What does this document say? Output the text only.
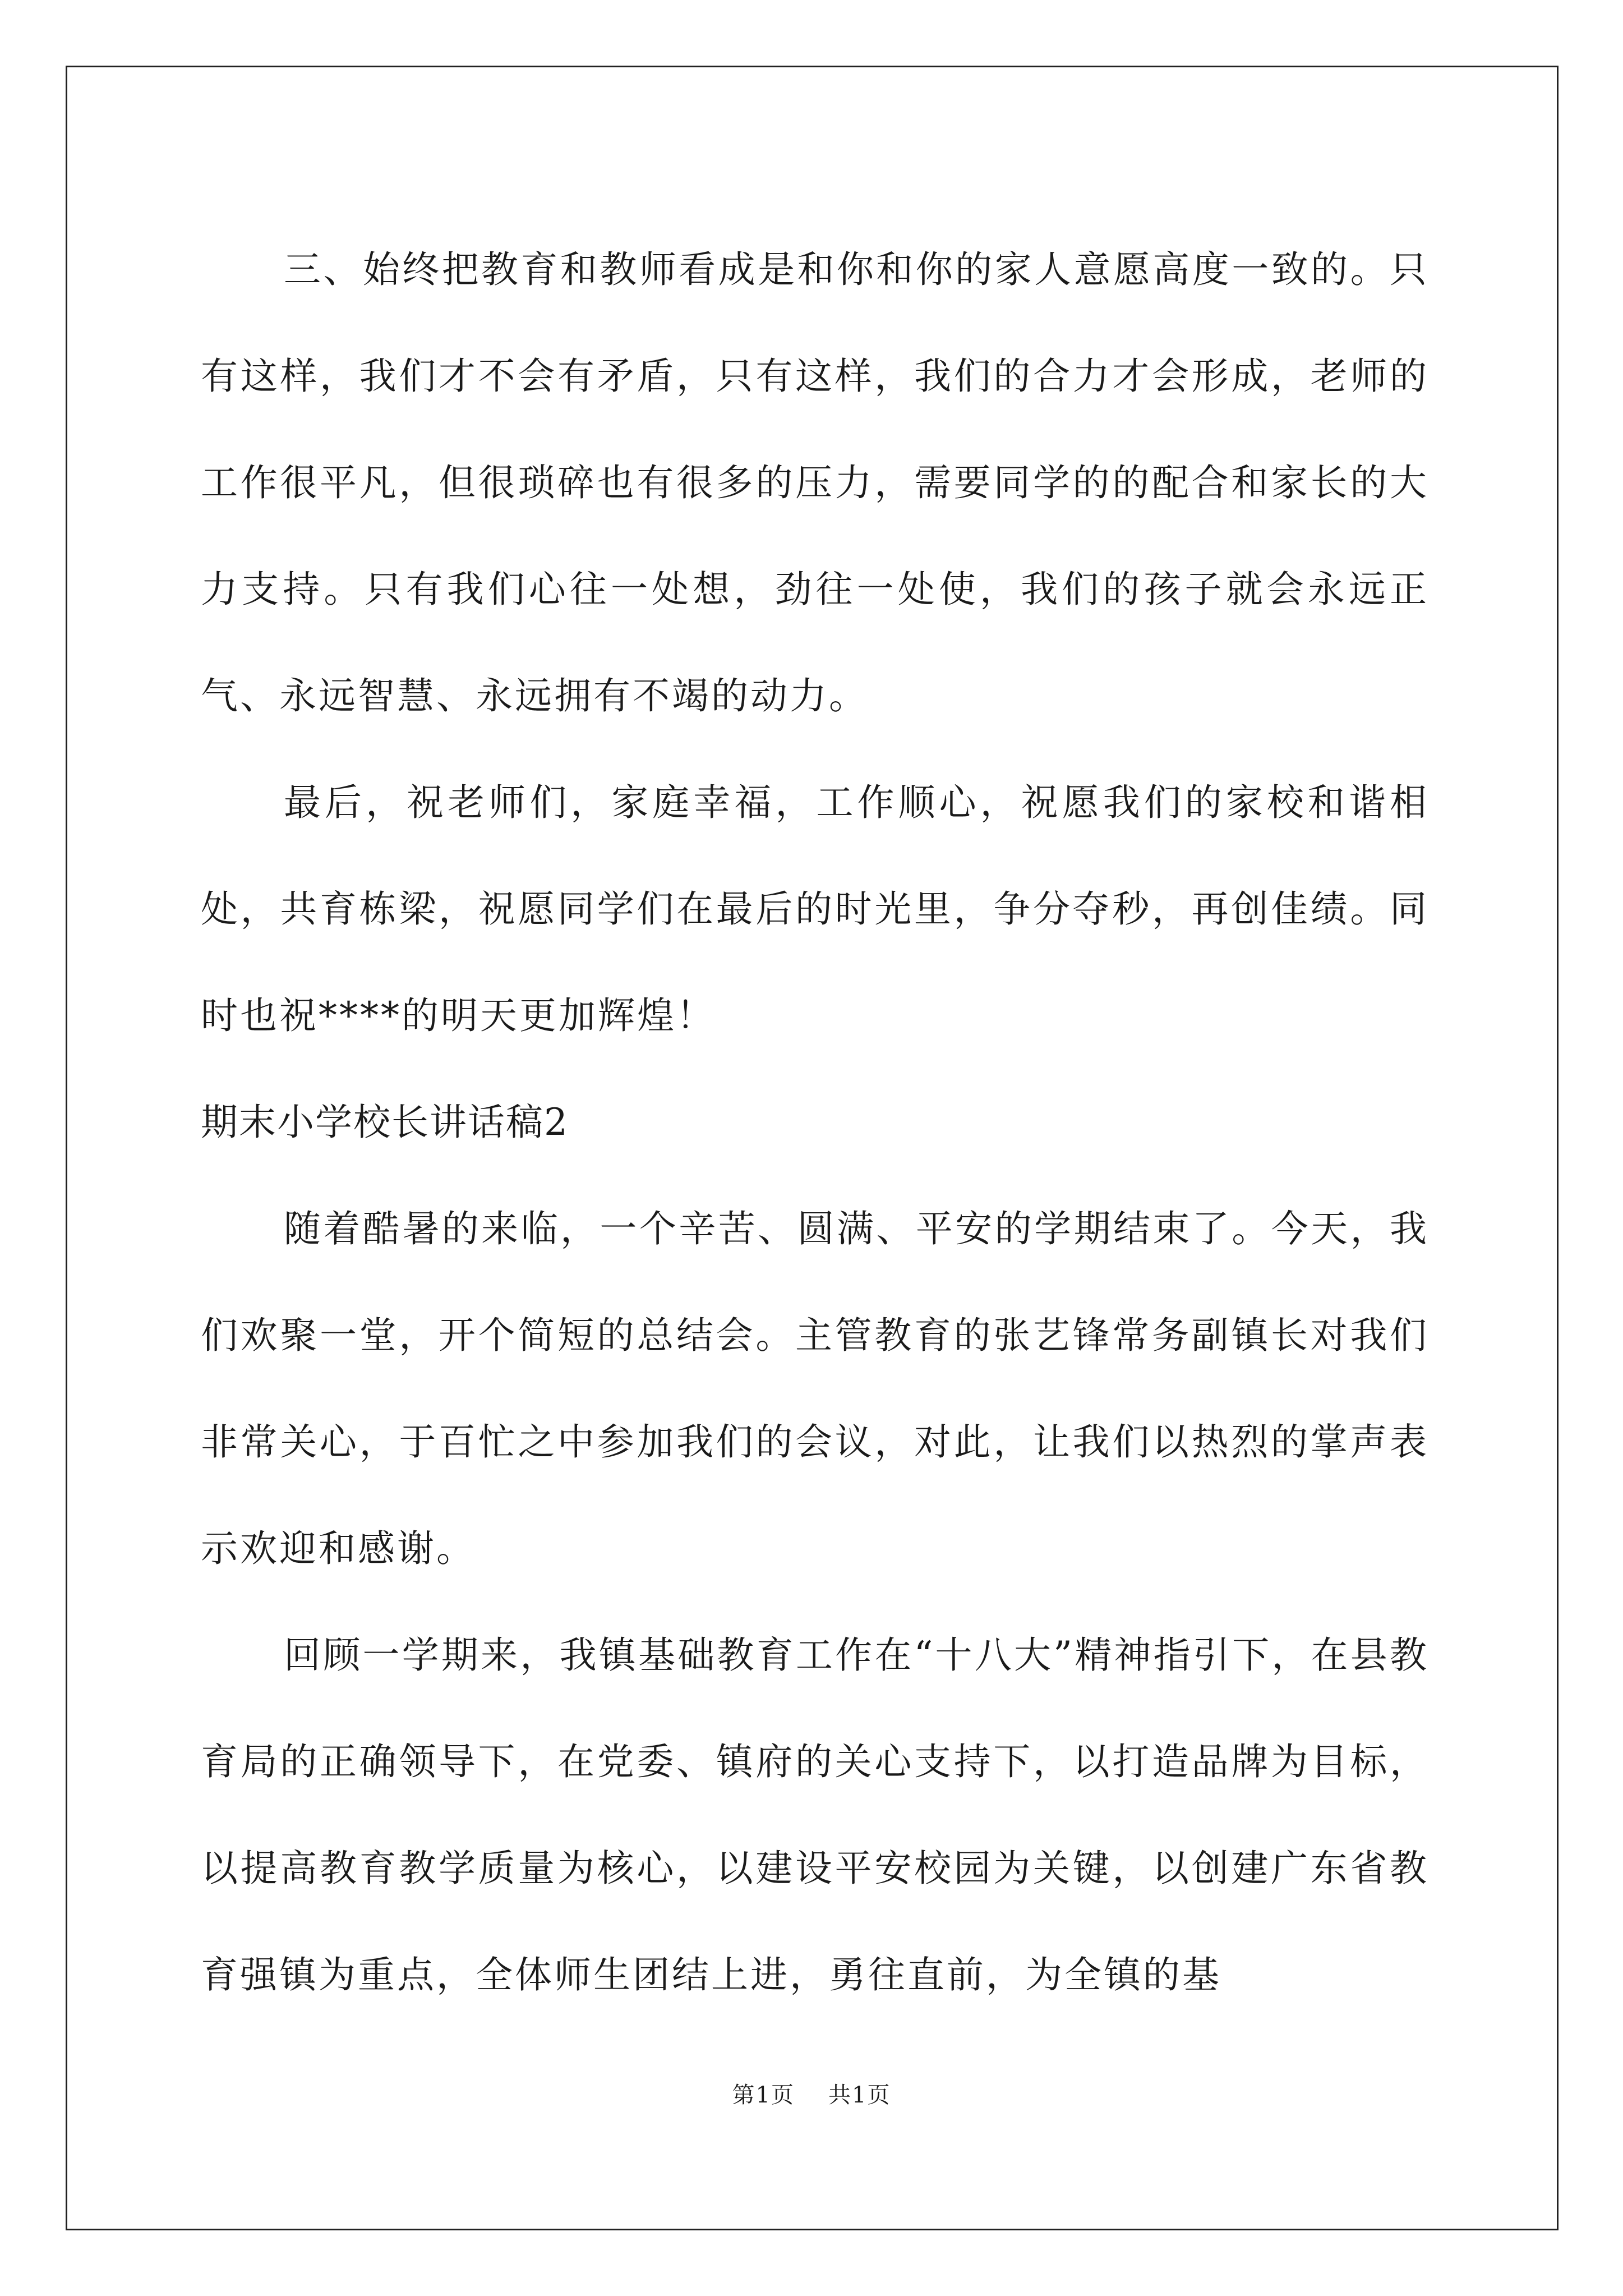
三、始终把教育和教师看成是和你和你的家人意愿高度一致的。只有这样，我们才不会有矛盾，只有这样，我们的合力才会形成，老师的工作很平凡，但很琐碎也有很多的压力，需要同学的的配合和家长的大力支持。只有我们心往一处想，劲往一处使，我们的孩子就会永远正气、永远智慧、永远拥有不竭的动力。

最后，祝老师们，家庭幸福，工作顺心，祝愿我们的家校和谐相处，共育栋梁，祝愿同学们在最后的时光里，争分夺秒，再创佳绩。同时也祝****的明天更加辉煌！

期末小学校长讲话稿2

随着酷暑的来临，一个辛苦、圆满、平安的学期结束了。今天，我们欢聚一堂，开个简短的总结会。主管教育的张艺锋常务副镇长对我们非常关心，于百忙之中参加我们的会议，对此，让我们以热烈的掌声表示欢迎和感谢。

回顾一学期来，我镇基础教育工作在“十八大”精神指引下，在县教育局的正确领导下，在党委、镇府的关心支持下，以打造品牌为目标，以提高教育教学质量为核心，以建设平安校园为关键，以创建广东省教育强镇为重点，全体师生团结上进，勇往直前，为全镇的基

第1页 共1页
